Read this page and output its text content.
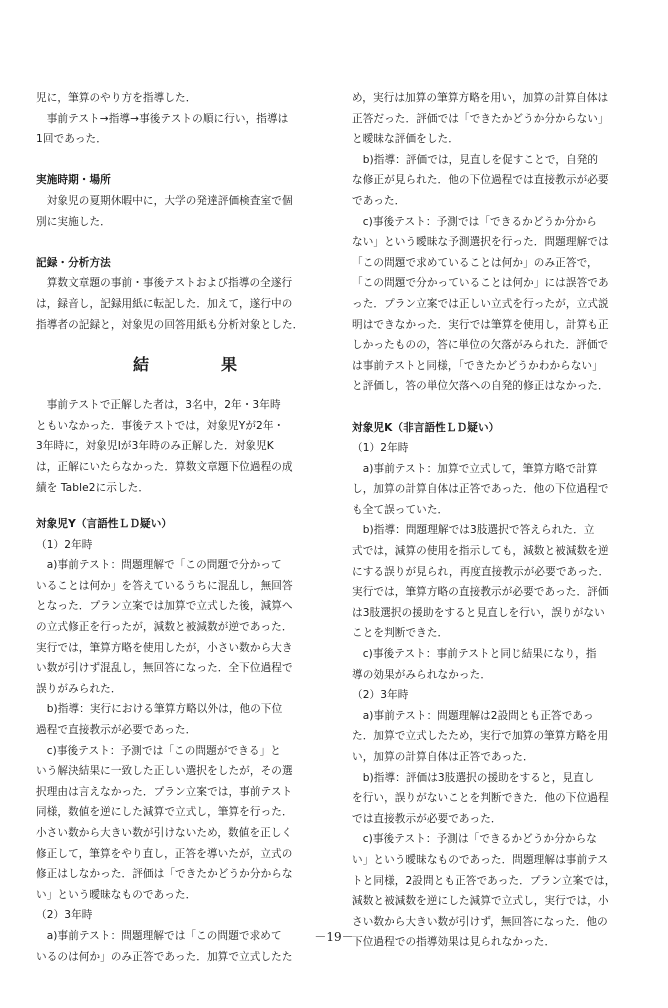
児に，筆算のやり方を指導した．
　事前テスト→指導→事後テストの順に行い，指導は
1回であった．
実施時期・場所
　対象児の夏期休暇中に，大学の発達評価検査室で個
別に実施した．
記録・分析方法
　算数文章題の事前・事後テストおよび指導の全遂行
は，録音し，記録用紙に転記した．加えて，遂行中の
指導者の記録と，対象児の回答用紙も分析対象とした．
結　果
　事前テストで正解した者は，3名中，2年・3年時
ともいなかった．事後テストでは，対象児Yが2年・
3年時に，対象児Ⅰが3年時のみ正解した．対象児K
は，正解にいたらなかった．算数文章題下位過程の成
績を Table2に示した．
対象児Y（言語性ＬＤ疑い）
（1）2年時
　a)事前テスト：問題理解で「この問題で分かって
いることは何か」を答えているうちに混乱し，無回答
となった．プラン立案では加算で立式した後，減算へ
の立式修正を行ったが，減数と被減数が逆であった．
実行では，筆算方略を使用したが，小さい数から大き
い数が引けず混乱し，無回答になった．全下位過程で
誤りがみられた．
　b)指導：実行における筆算方略以外は，他の下位
過程で直接教示が必要であった．
　c)事後テスト：予測では「この問題ができる」と
いう解決結果に一致した正しい選択をしたが，その選
択理由は言えなかった．プラン立案では，事前テスト
同様，数値を逆にした減算で立式し，筆算を行った．
小さい数から大きい数が引けないため，数値を正しく
修正して，筆算をやり直し，正答を導いたが，立式の
修正はしなかった．評価は「できたかどうか分からな
い」という曖昧なものであった．
（2）3年時
　a)事前テスト：問題理解では「この問題で求めて
いるのは何か」のみ正答であった．加算で立式したた
め，実行は加算の筆算方略を用い，加算の計算自体は
正答だった．評価では「できたかどうか分からない」
と曖昧な評価をした．
　b)指導：評価では，見直しを促すことで，自発的
な修正が見られた．他の下位過程では直接教示が必要
であった．
　c)事後テスト：予測では「できるかどうか分から
ない」という曖昧な予測選択を行った．問題理解では
「この問題で求めていることは何か」のみ正答で，
「この問題で分かっていることは何か」には誤答であ
った．プラン立案では正しい立式を行ったが，立式説
明はできなかった．実行では筆算を使用し，計算も正
しかったものの，答に単位の欠落がみられた．評価で
は事前テストと同様，「できたかどうかわからない」
と評価し，答の単位欠落への自発的修正はなかった．
対象児K（非言語性ＬＤ疑い）
（1）2年時
　a)事前テスト：加算で立式して，筆算方略で計算
し，加算の計算自体は正答であった．他の下位過程で
も全て誤っていた．
　b)指導：問題理解では3肢選択で答えられた．立
式では，減算の使用を指示しても，減数と被減数を逆
にする誤りが見られ，再度直接教示が必要であった．
実行では，筆算方略の直接教示が必要であった．評価
は3肢選択の援助をすると見直しを行い，誤りがない
ことを判断できた．
　c)事後テスト：事前テストと同じ結果になり，指
導の効果がみられなかった．
（2）3年時
　a)事前テスト：問題理解は2設問とも正答であっ
た．加算で立式したため，実行で加算の筆算方略を用
い，加算の計算自体は正答であった．
　b)指導：評価は3肢選択の援助をすると，見直し
を行い，誤りがないことを判断できた．他の下位過程
では直接教示が必要であった．
　c)事後テスト：予測は「できるかどうか分からな
い」という曖昧なものであった．問題理解は事前テス
トと同様，2設問とも正答であった．プラン立案では，
減数と被減数を逆にした減算で立式し，実行では，小
さい数から大きい数が引けず，無回答になった．他の
下位過程での指導効果は見られなかった．
－19－
